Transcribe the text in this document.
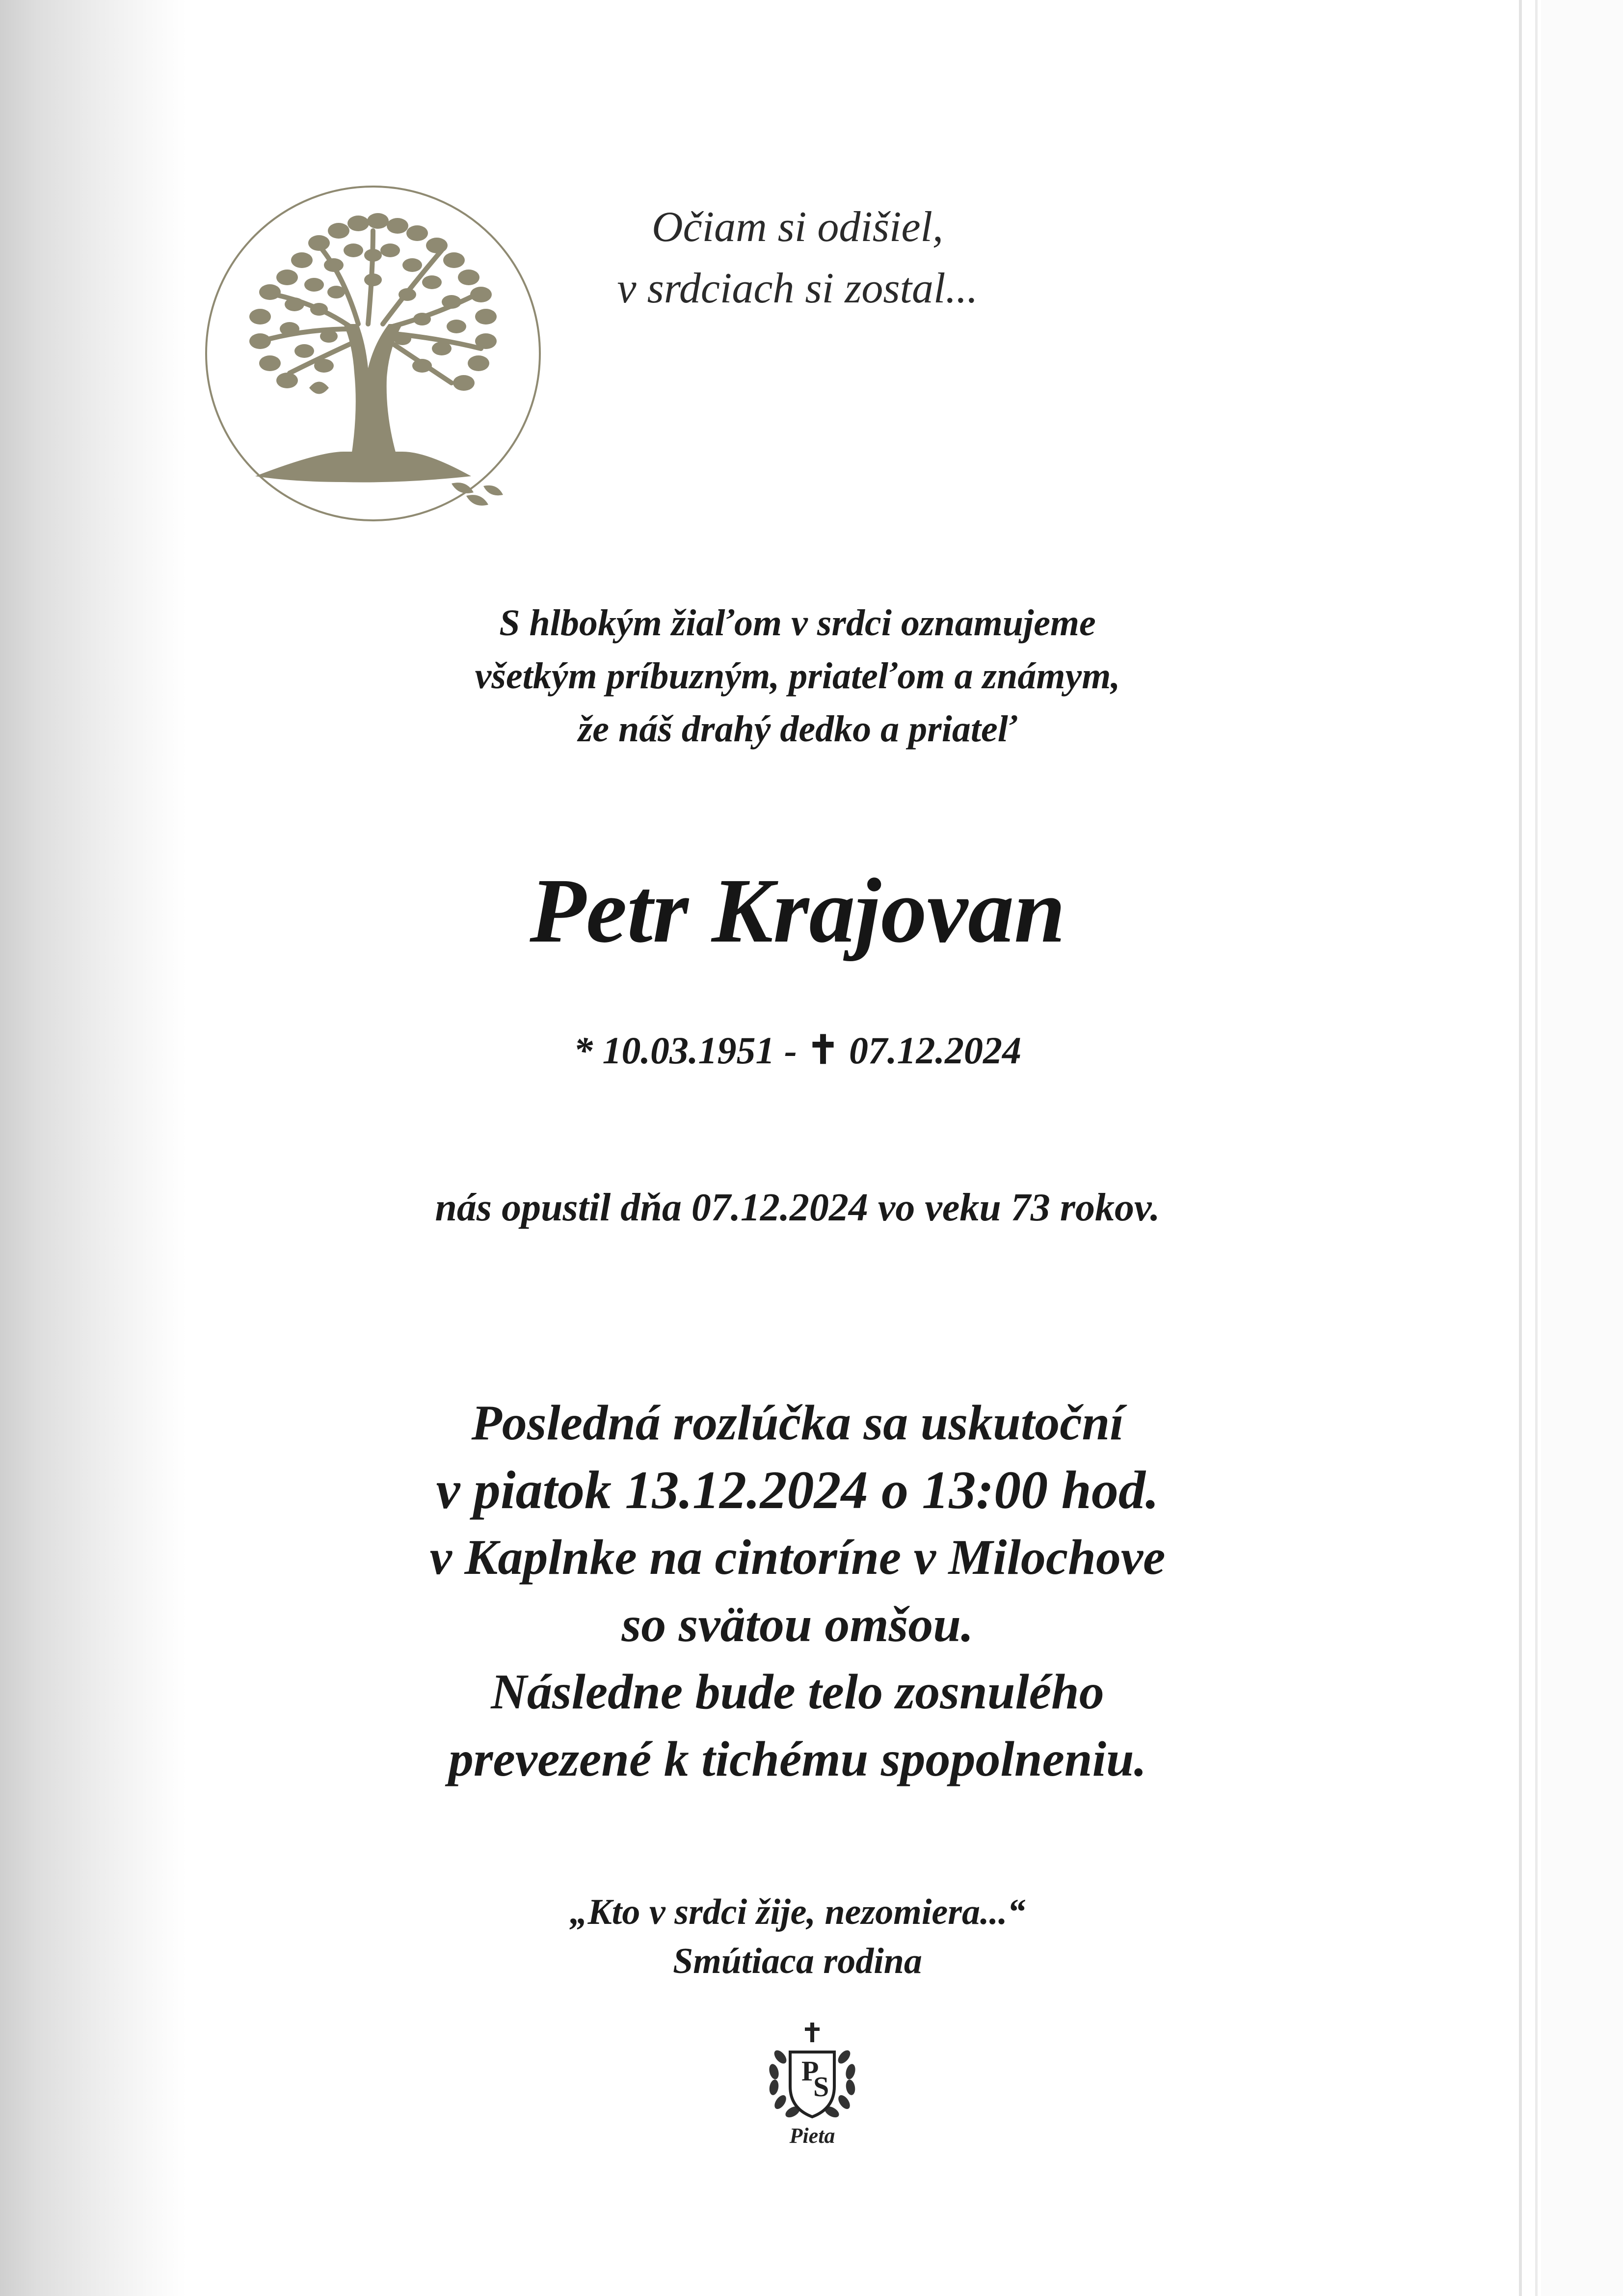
Očiam si odišiel,
v srdciach si zostal...
S hlbokým žiaľom v srdci oznamujeme
všetkým príbuzným, priateľom a známym,
že náš drahý dedko a priateľ
Petr Krajovan
* 10.03.1951 - ✝ 07.12.2024
nás opustil dňa 07.12.2024 vo veku 73 rokov.
Posledná rozlúčka sa uskutoční
v piatok 13.12.2024 o 13:00 hod.
v Kaplnke na cintoríne v Milochove
so svätou omšou.
Následne bude telo zosnulého
prevezené k tichému spopolneniu.
„Kto v srdci žije, nezomiera...“
Smútiaca rodina
P
S
Pieta
